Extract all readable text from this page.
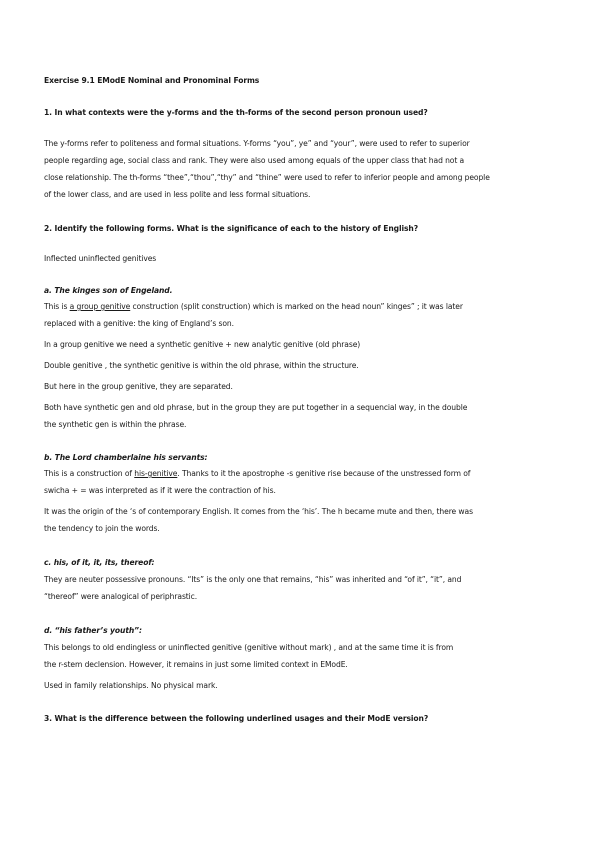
Exercise 9.1 EModE Nominal and Pronominal Forms
1. In what contexts were the y-forms and the th-forms of the second person pronoun used?
The y-forms refer to politeness and formal situations. Y-forms “you”, ye” and “your”, were used to refer to superior
people regarding age, social class and rank. They were also used among equals of the upper class that had not a
close relationship. The th-forms “thee”,“thou”,“thy” and “thine” were used to refer to inferior people and among people
of the lower class, and are used in less polite and less formal situations.
2. Identify the following forms. What is the significance of each to the history of English?
Inflected uninflected genitives
a. The kinges son of Engeland.
This is a group genitive construction (split construction) which is marked on the head noun” kinges” ; it was later
replaced with a genitive: the king of England’s son.
In a group genitive we need a synthetic genitive + new analytic genitive (old phrase)
Double genitive , the synthetic genitive is within the old phrase, within the structure.
But here in the group genitive, they are separated.
Both have synthetic gen and old phrase, but in the group they are put together in a sequencial way, in the double
the synthetic gen is within the phrase.
b. The Lord chamberlaine his servants:
This is a construction of his-genitive. Thanks to it the apostrophe -s genitive rise because of the unstressed form of
swicha + = was interpreted as if it were the contraction of his.
It was the origin of the ‘s of contemporary English. It comes from the ‘his’. The h became mute and then, there was
the tendency to join the words.
c. his, of it, it, its, thereof:
They are neuter possessive pronouns. “Its” is the only one that remains, “his” was inherited and “of it”, “it”, and
“thereof” were analogical of periphrastic.
d. “his father’s youth”:
This belongs to old endingless or uninflected genitive (genitive without mark) , and at the same time it is from
the r-stem declension. However, it remains in just some limited context in EModE.
Used in family relationships. No physical mark.
3. What is the difference between the following underlined usages and their ModE version?
